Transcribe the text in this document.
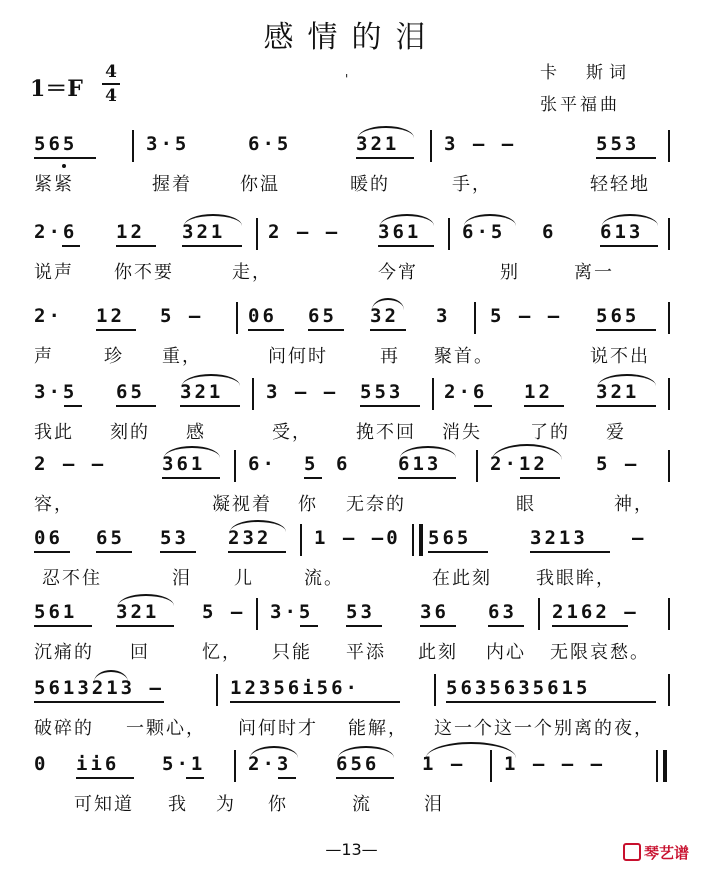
感情的泪
'
1＝F
4
4
卡　斯词
张平福曲
565	3·5	6·5	321 3 — —	553
紧紧	握着	你温	暖的	手，	轻轻地
2·6 12 321 2 — — 361 6·5 6 613
说声 你不要	走，	今宵	别	离一
2· 12 5 — 06 65 32 3 5 — — 565
声	珍 重，	问何时	再 聚首。	说不出
3·5 65 321 3 — — 553 2·6 12 321
我此 刻的 感	受， 挽不回 消失	了的 爱
2 — —	361 6· 5 6	613	2·12	5 —
容，	凝视着 你 无奈的	眼	神，
06 65 53 232 1 — —0 565	3213 —
忍不住	泪 儿	流。	在此刻 我眼眸，
561 321 5 — 3·5 53 36 63 2162 —
沉痛的 回	忆， 只能 平添 此刻 内心 无限哀愁。
5613213 —	12356i56·	5635635615
破碎的 一颗心， 问何时才 能解， 这一个这一个别离的夜，
0 ii6 5·1 2·3 656 1 — 1 — — —
可知道 我 为 你	流	泪
—13—	琴艺谱
